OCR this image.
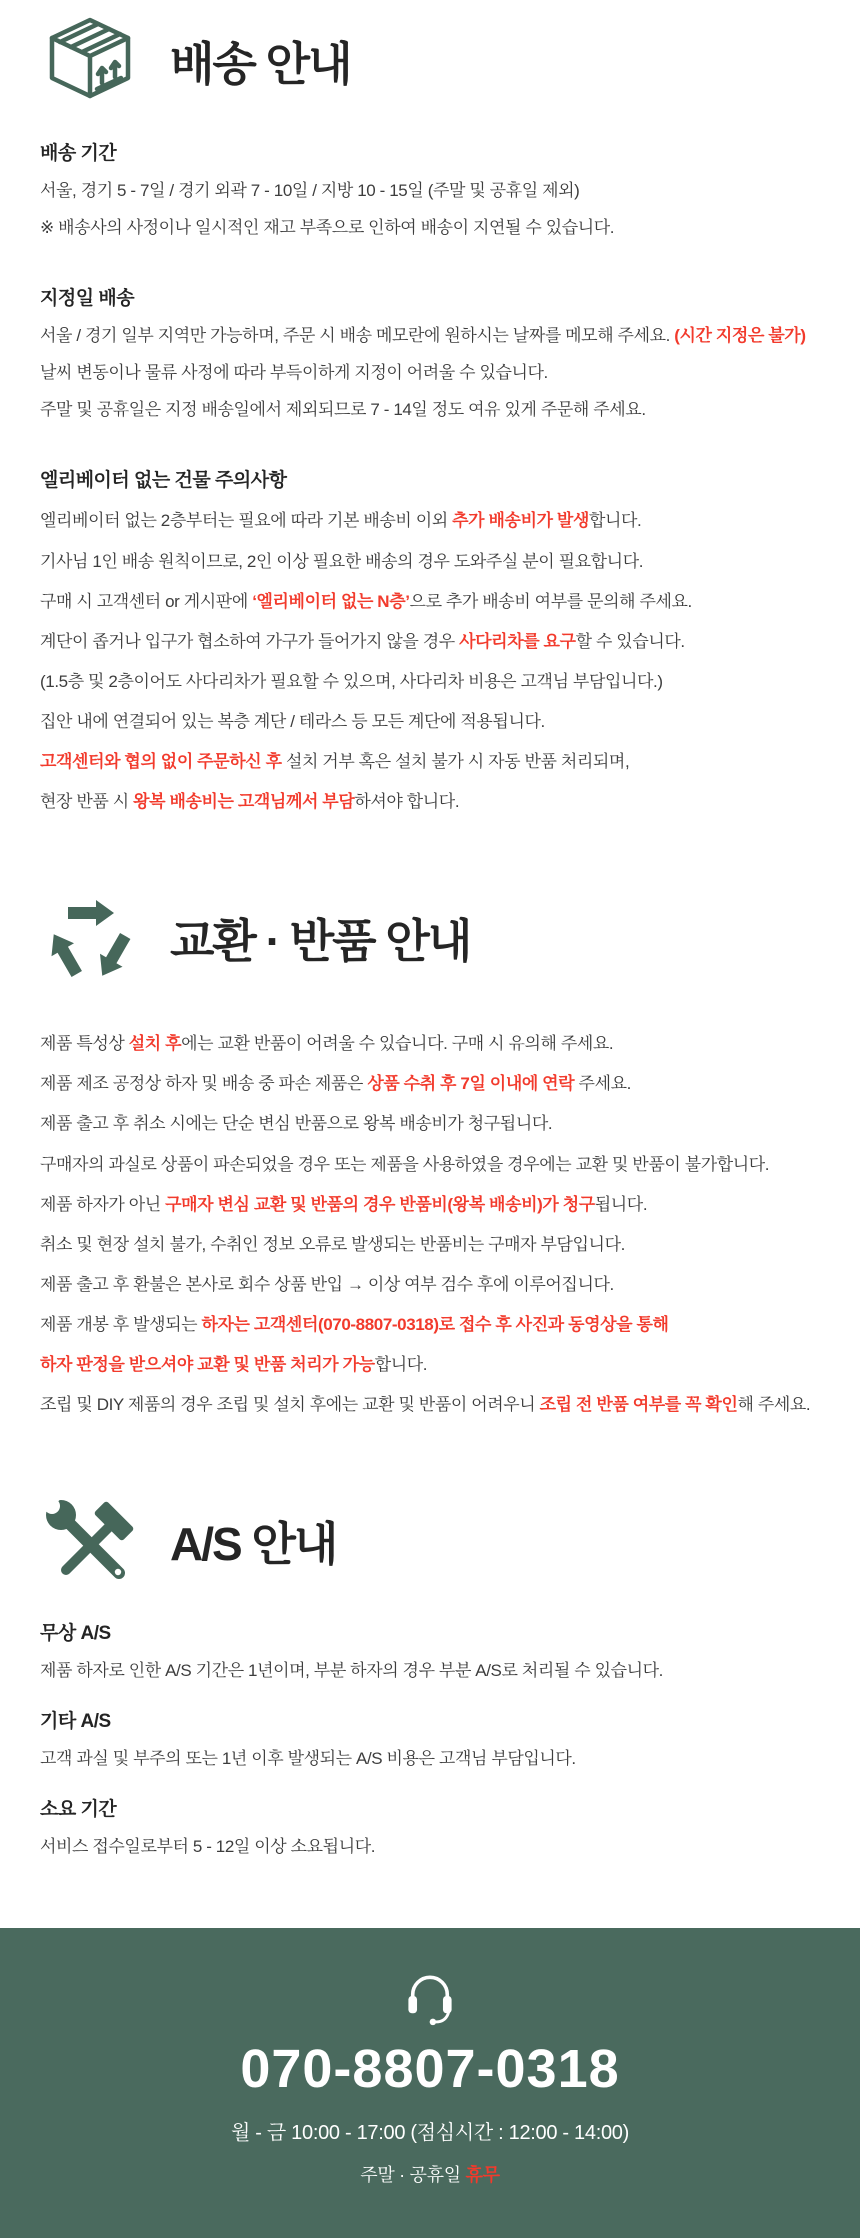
배송 안내
배송 기간
서울, 경기 5 - 7일 / 경기 외곽 7 - 10일 / 지방 10 - 15일 (주말 및 공휴일 제외)
※ 배송사의 사정이나 일시적인 재고 부족으로 인하여 배송이 지연될 수 있습니다.
지정일 배송
서울 / 경기 일부 지역만 가능하며, 주문 시 배송 메모란에 원하시는 날짜를 메모해 주세요. (시간 지정은 불가)
날씨 변동이나 물류 사정에 따라 부득이하게 지정이 어려울 수 있습니다.
주말 및 공휴일은 지정 배송일에서 제외되므로 7 - 14일 정도 여유 있게 주문해 주세요.
엘리베이터 없는 건물 주의사항
엘리베이터 없는 2층부터는 필요에 따라 기본 배송비 이외 추가 배송비가 발생합니다.
기사님 1인 배송 원칙이므로, 2인 이상 필요한 배송의 경우 도와주실 분이 필요합니다.
구매 시 고객센터 or 게시판에 ‘엘리베이터 없는 N층’으로 추가 배송비 여부를 문의해 주세요.
계단이 좁거나 입구가 협소하여 가구가 들어가지 않을 경우 사다리차를 요구할 수 있습니다.
(1.5층 및 2층이어도 사다리차가 필요할 수 있으며, 사다리차 비용은 고객님 부담입니다.)
집안 내에 연결되어 있는 복층 계단 / 테라스 등 모든 계단에 적용됩니다.
고객센터와 협의 없이 주문하신 후 설치 거부 혹은 설치 불가 시 자동 반품 처리되며,
현장 반품 시 왕복 배송비는 고객님께서 부담하셔야 합니다.
교환 · 반품 안내
제품 특성상 설치 후에는 교환 반품이 어려울 수 있습니다. 구매 시 유의해 주세요.
제품 제조 공정상 하자 및 배송 중 파손 제품은 상품 수취 후 7일 이내에 연락 주세요.
제품 출고 후 취소 시에는 단순 변심 반품으로 왕복 배송비가 청구됩니다.
구매자의 과실로 상품이 파손되었을 경우 또는 제품을 사용하였을 경우에는 교환 및 반품이 불가합니다.
제품 하자가 아닌 구매자 변심 교환 및 반품의 경우 반품비(왕복 배송비)가 청구됩니다.
취소 및 현장 설치 불가, 수취인 정보 오류로 발생되는 반품비는 구매자 부담입니다.
제품 출고 후 환불은 본사로 회수 상품 반입 → 이상 여부 검수 후에 이루어집니다.
제품 개봉 후 발생되는 하자는 고객센터(070-8807-0318)로 접수 후 사진과 동영상을 통해
하자 판정을 받으셔야 교환 및 반품 처리가 가능합니다.
조립 및 DIY 제품의 경우 조립 및 설치 후에는 교환 및 반품이 어려우니 조립 전 반품 여부를 꼭 확인해 주세요.
A/S 안내
무상 A/S
제품 하자로 인한 A/S 기간은 1년이며, 부분 하자의 경우 부분 A/S로 처리될 수 있습니다.
기타 A/S
고객 과실 및 부주의 또는 1년 이후 발생되는 A/S 비용은 고객님 부담입니다.
소요 기간
서비스 접수일로부터 5 - 12일 이상 소요됩니다.
070-8807-0318
월 - 금 10:00 - 17:00 (점심시간 : 12:00 - 14:00)
주말 · 공휴일 휴무
